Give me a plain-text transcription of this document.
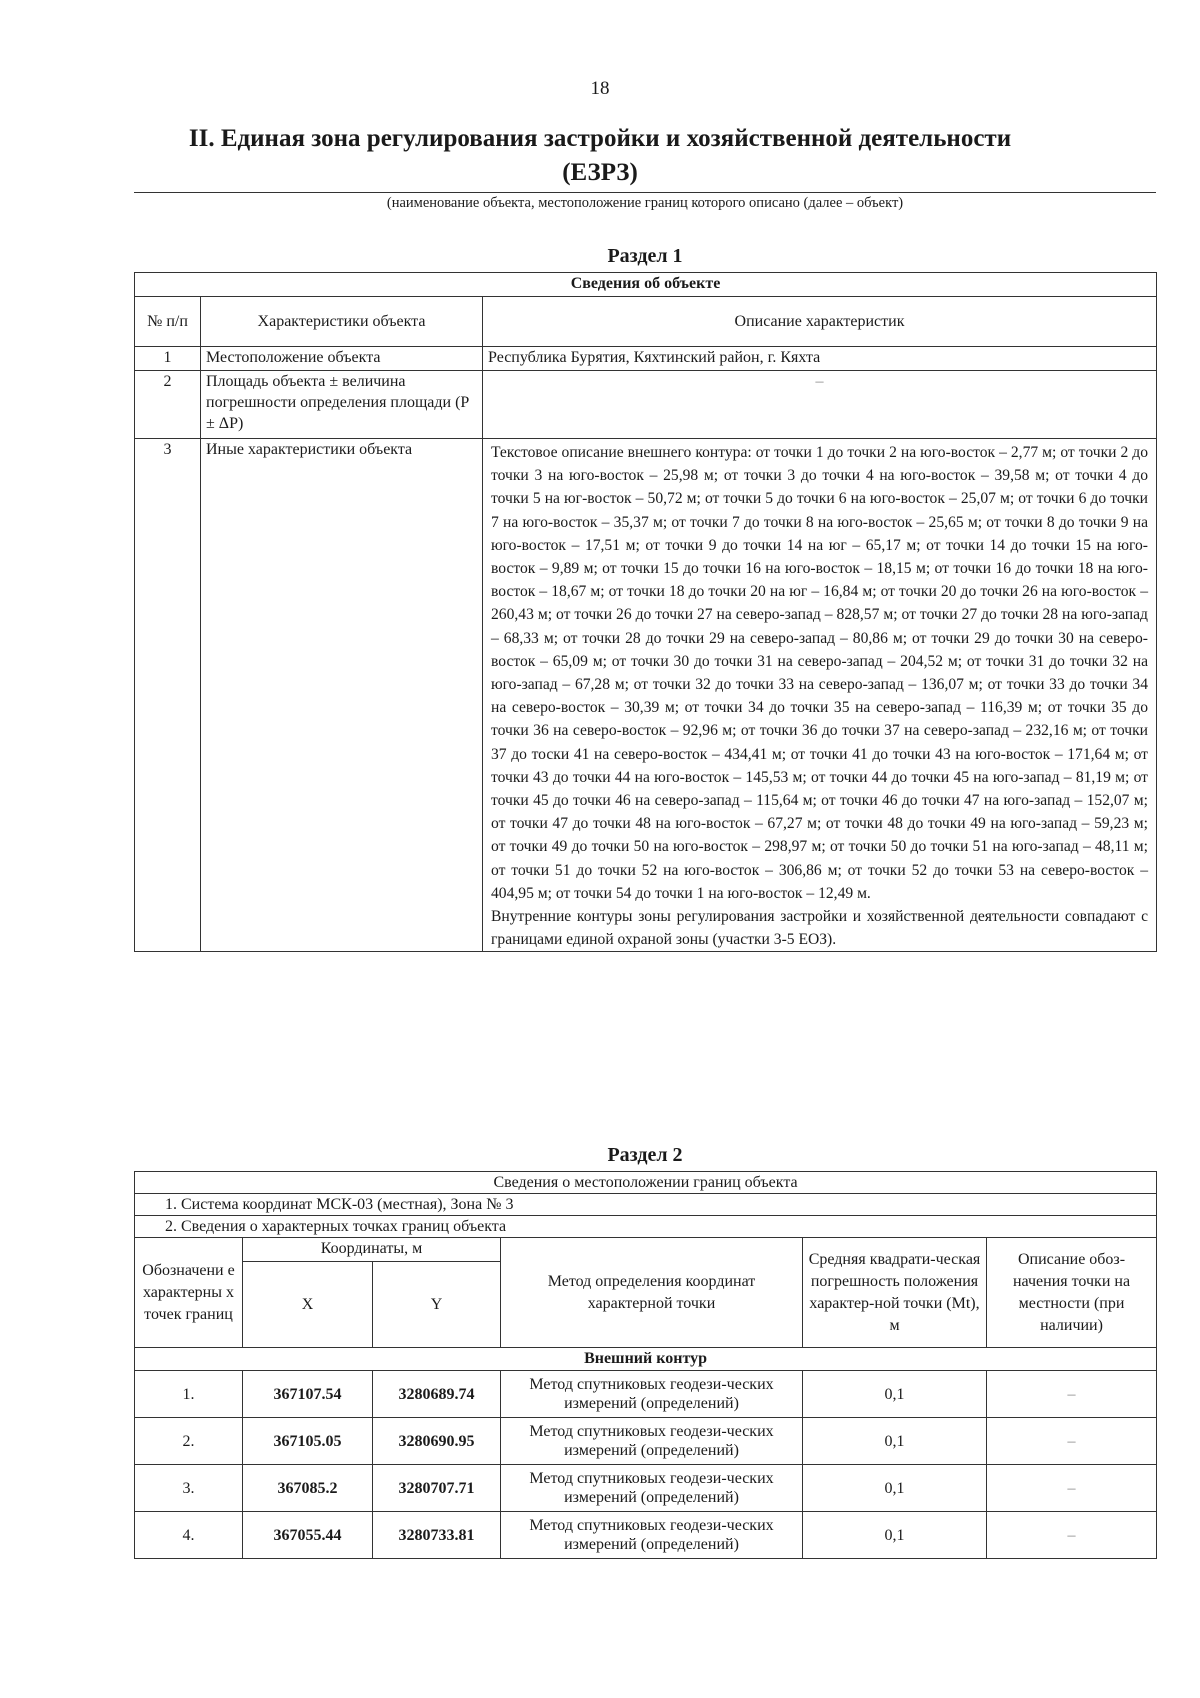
18
II. Единая зона регулирования застройки и хозяйственной деятельности (ЕЗРЗ)
(наименование объекта, местоположение границ которого описано (далее – объект)
Раздел 1
Сведения об объекте		
№ п/п	Характеристики объекта	Описание характеристик
1	Местоположение объекта	Республика Бурятия, Кяхтинский район, г. Кяхта
2	Площадь объекта ± величина погрешности определения площади (P ± ΔP)	–
3	Иные характеристики объекта	Текстовое описание внешнего контура: от точки 1 до точки 2 на юго-восток – 2,77 м; от точки 2 до точки 3 на юго-восток – 25,98 м; от точки 3 до точки 4 на юго-восток – 39,58 м; от точки 4 до точки 5 на юг-восток – 50,72 м; от точки 5 до точки 6 на юго-восток – 25,07 м; от точки 6 до точки 7 на юго-восток – 35,37 м; от точки 7 до точки 8 на юго-восток – 25,65 м; от точки 8 до точки 9 на юго-восток – 17,51 м; от точки 9 до точки 14 на юг – 65,17 м; от точки 14 до точки 15 на юго-восток – 9,89 м; от точки 15 до точки 16 на юго-восток – 18,15 м; от точки 16 до точки 18 на юго-восток – 18,67 м; от точки 18 до точки 20 на юг – 16,84 м; от точки 20 до точки 26 на юго-восток – 260,43 м; от точки 26 до точки 27 на северо-запад – 828,57 м; от точки 27 до точки 28 на юго-запад – 68,33 м; от точки 28 до точки 29 на северо-запад – 80,86 м; от точки 29 до точки 30 на северо-восток – 65,09 м; от точки 30 до точки 31 на северо-запад – 204,52 м; от точки 31 до точки 32 на юго-запад – 67,28 м; от точки 32 до точки 33 на северо-запад – 136,07 м; от точки 33 до точки 34 на северо-восток – 30,39 м; от точки 34 до точки 35 на северо-запад – 116,39 м; от точки 35 до точки 36 на северо-восток – 92,96 м; от точки 36 до точки 37 на северо-запад – 232,16 м; от точки 37 до тоски 41 на северо-восток – 434,41 м; от точки 41 до точки 43 на юго-восток – 171,64 м; от точки 43 до точки 44 на юго-восток – 145,53 м; от точки 44 до точки 45 на юго-запад – 81,19 м; от точки 45 до точки 46 на северо-запад – 115,64 м; от точки 46 до точки 47 на юго-запад – 152,07 м; от точки 47 до точки 48 на юго-восток – 67,27 м; от точки 48 до точки 49 на юго-запад – 59,23 м; от точки 49 до точки 50 на юго-восток – 298,97 м; от точки 50 до точки 51 на юго-запад – 48,11 м; от точки 51 до точки 52 на юго-восток – 306,86 м; от точки 52 до точки 53 на северо-восток – 404,95 м; от точки 54 до точки 1 на юго-восток – 12,49 м.
Внутренние контуры зоны регулирования застройки и хозяйственной деятельности совпадают с границами единой охраной зоны (участки 3-5 ЕОЗ).
Раздел 2
Сведения о местоположении границ объекта					
1. Система координат МСК-03 (местная), Зона № 3					
2. Сведения о характерных точках границ объекта					
Обозначени е характерны х точек границ	Координаты, м		Метод определения координат характерной точки	Средняя квадрати-ческая погрешность положения характер-ной точки (Mt), м	Описание обоз-начения точки на местности (при наличии)
	X	Y			
Внешний контур					
1.	367107.54	3280689.74	Метод спутниковых геодези-ческих измерений (определений)	0,1	–
2.	367105.05	3280690.95	Метод спутниковых геодези-ческих измерений (определений)	0,1	–
3.	367085.2	3280707.71	Метод спутниковых геодези-ческих измерений (определений)	0,1	–
4.	367055.44	3280733.81	Метод спутниковых геодези-ческих измерений (определений)	0,1	–
